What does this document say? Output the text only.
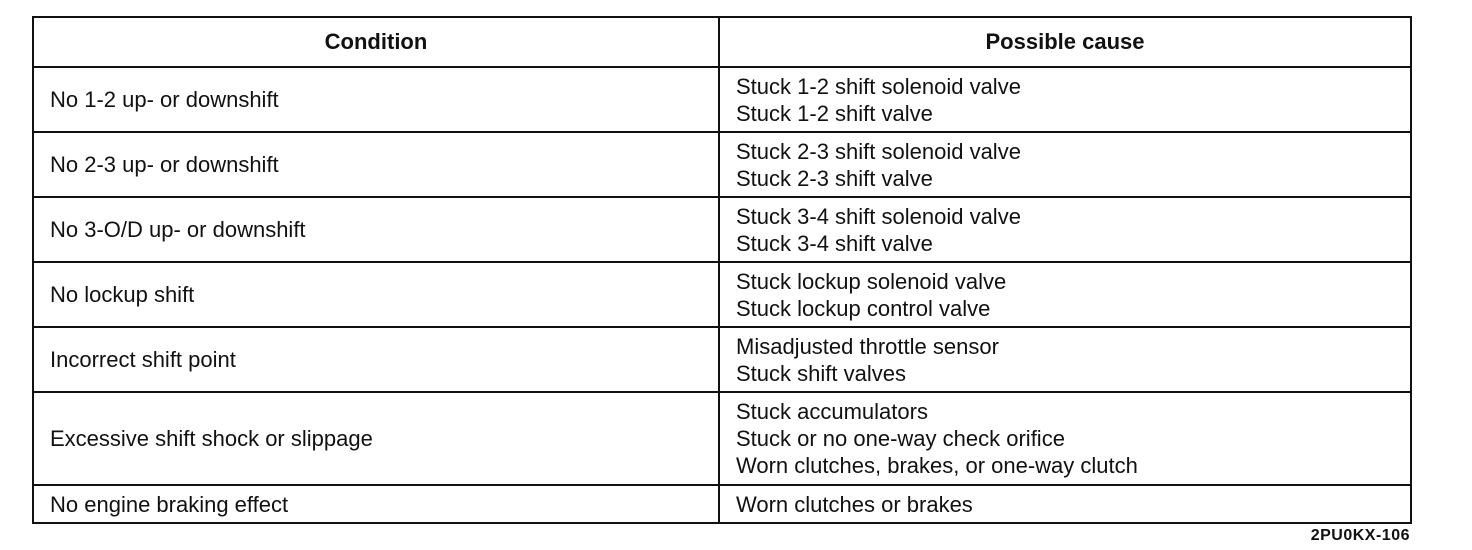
Condition	Possible cause
No 1-2 up- or downshift	Stuck 1-2 shift solenoid valve
Stuck 1-2 shift valve

No 2-3 up- or downshift	Stuck 2-3 shift solenoid valve
Stuck 2-3 shift valve

No 3-O/D up- or downshift	Stuck 3-4 shift solenoid valve
Stuck 3-4 shift valve

No lockup shift	Stuck lockup solenoid valve
Stuck lockup control valve

Incorrect shift point	Misadjusted throttle sensor
Stuck shift valves

Excessive shift shock or slippage	Stuck accumulators
Stuck or no one-way check orifice
Worn clutches, brakes, or one-way clutch

No engine braking effect	Worn clutches or brakes
2PU0KX-106
